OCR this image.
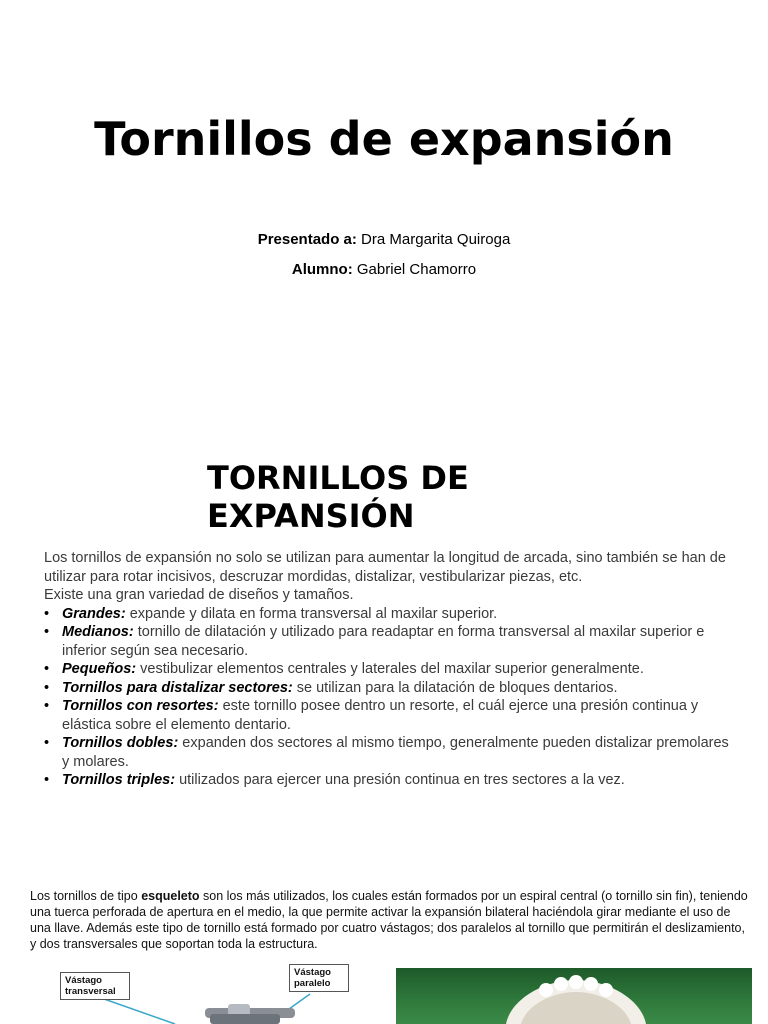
Tornillos de expansión
Presentado a: Dra Margarita Quiroga
Alumno: Gabriel Chamorro
TORNILLOS DE EXPANSIÓN

Los tornillos de expansión no solo se utilizan para aumentar la longitud de arcada, sino también se han de utilizar para rotar incisivos, descruzar mordidas, distalizar, vestibularizar piezas, etc.

Existe una gran variedad de diseños y tamaños.

• Grandes: expande y dilata en forma transversal al maxilar superior.
• Medianos: tornillo de dilatación y utilizado para readaptar en forma transversal al maxilar superior e inferior según sea necesario.
• Pequeños: vestibulizar elementos centrales y laterales del maxilar superior generalmente.
• Tornillos para distalizar sectores: se utilizan para la dilatación de bloques dentarios.
• Tornillos con resortes: este tornillo posee dentro un resorte, el cuál ejerce una presión continua y elástica sobre el elemento dentario.
• Tornillos dobles: expanden dos sectores al mismo tiempo, generalmente pueden distalizar premolares y molares.
• Tornillos triples: utilizados para ejercer una presión continua en tres sectores a la vez.
Los tornillos de tipo esqueleto son los más utilizados, los cuales están formados por un espiral central (o tornillo sin fin), teniendo una tuerca perforada de apertura en el medio, la que permite activar la expansión bilateral haciéndola girar mediante el uso de una llave. Además este tipo de tornillo está formado por cuatro vástagos; dos paralelos al tornillo que permitirán el deslizamiento, y dos transversales que soportan toda la estructura.
Vástago transversal
Vástago paralelo
